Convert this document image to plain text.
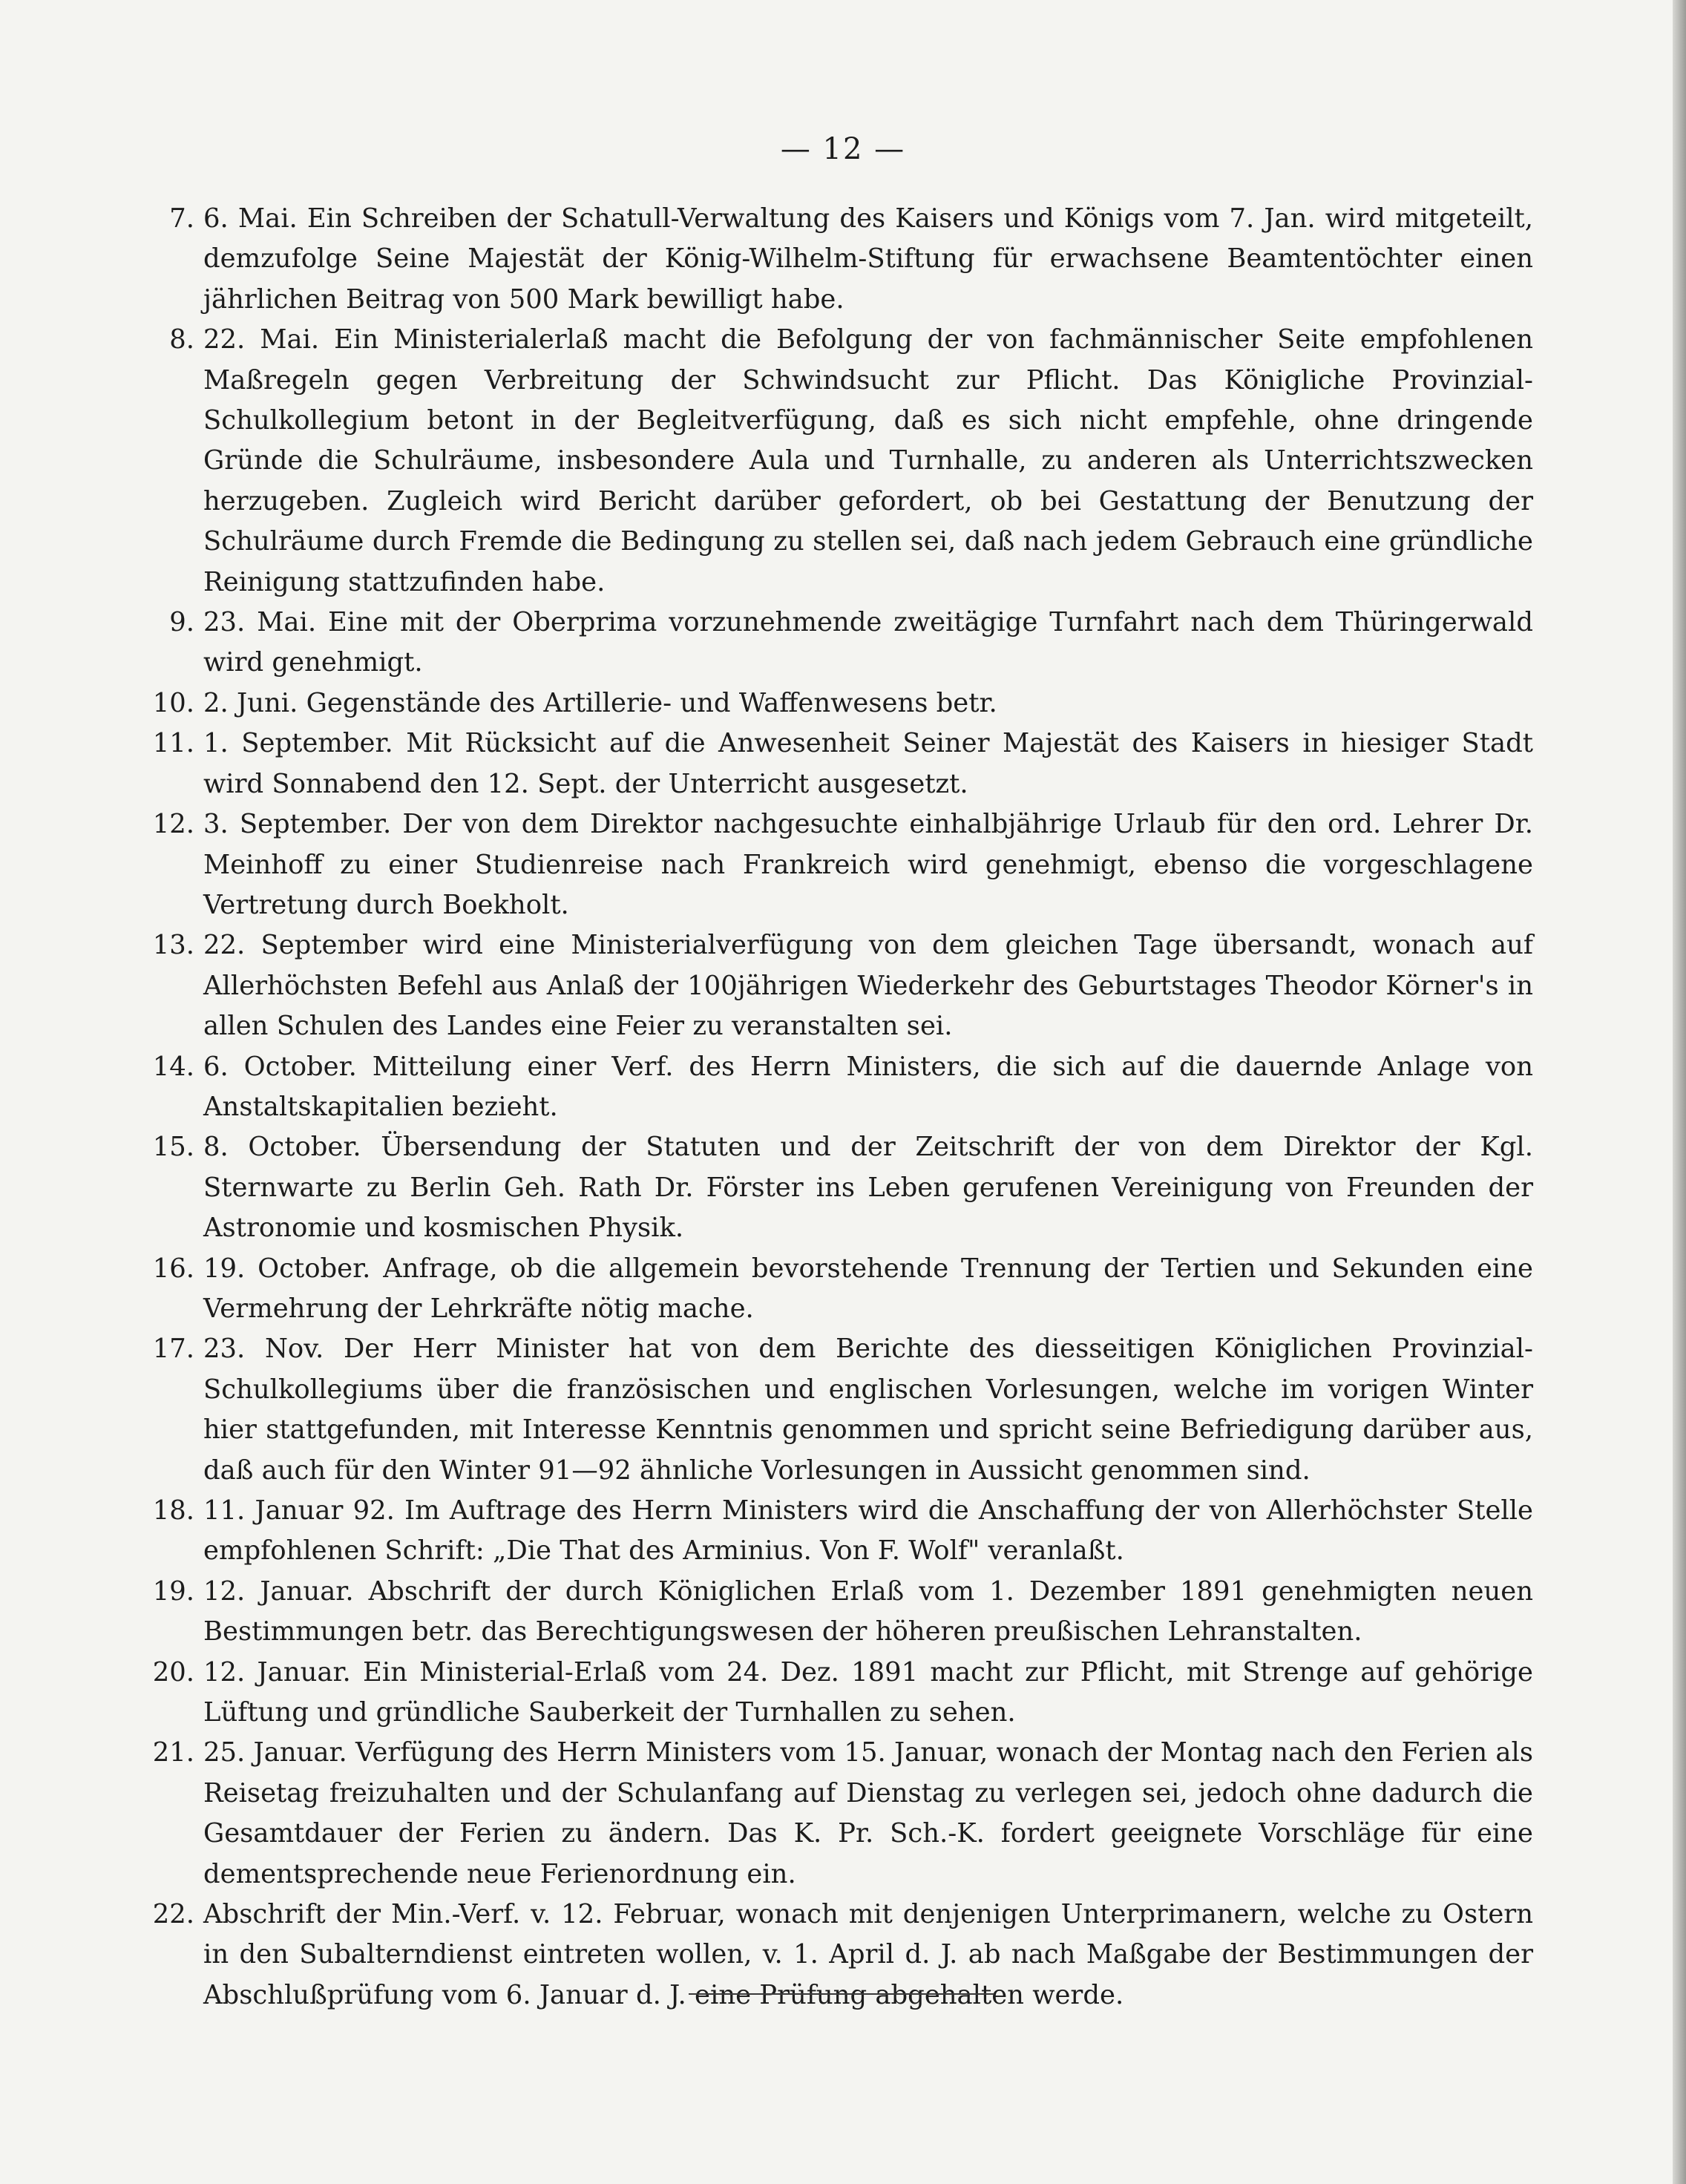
— 12 —
7. 6. Mai. Ein Schreiben der Schatull-Verwaltung des Kaisers und Königs vom 7. Jan. wird mitgeteilt, demzufolge Seine Majestät der König-Wilhelm-Stiftung für erwachsene Beamtentöchter einen jährlichen Beitrag von 500 Mark bewilligt habe.
8. 22. Mai. Ein Ministerialerlaß macht die Befolgung der von fachmännischer Seite empfohlenen Maßregeln gegen Verbreitung der Schwindsucht zur Pflicht. Das Königliche Provinzial-Schulkollegium betont in der Begleitverfügung, daß es sich nicht empfehle, ohne dringende Gründe die Schulräume, insbesondere Aula und Turnhalle, zu anderen als Unterrichtszwecken herzugeben. Zugleich wird Bericht darüber gefordert, ob bei Gestattung der Benutzung der Schulräume durch Fremde die Bedingung zu stellen sei, daß nach jedem Gebrauch eine gründliche Reinigung stattzufinden habe.
9. 23. Mai. Eine mit der Oberprima vorzunehmende zweitägige Turnfahrt nach dem Thüringerwald wird genehmigt.
10. 2. Juni. Gegenstände des Artillerie- und Waffenwesens betr.
11. 1. September. Mit Rücksicht auf die Anwesenheit Seiner Majestät des Kaisers in hiesiger Stadt wird Sonnabend den 12. Sept. der Unterricht ausgesetzt.
12. 3. September. Der von dem Direktor nachgesuchte einhalbjährige Urlaub für den ord. Lehrer Dr. Meinhoff zu einer Studienreise nach Frankreich wird genehmigt, ebenso die vorgeschlagene Vertretung durch Boekholt.
13. 22. September wird eine Ministerialverfügung von dem gleichen Tage übersandt, wonach auf Allerhöchsten Befehl aus Anlaß der 100jährigen Wiederkehr des Geburtstages Theodor Körner's in allen Schulen des Landes eine Feier zu veranstalten sei.
14. 6. October. Mitteilung einer Verf. des Herrn Ministers, die sich auf die dauernde Anlage von Anstaltskapitalien bezieht.
15. 8. October. Übersendung der Statuten und der Zeitschrift der von dem Direktor der Kgl. Sternwarte zu Berlin Geh. Rath Dr. Förster ins Leben gerufenen Vereinigung von Freunden der Astronomie und kosmischen Physik.
16. 19. October. Anfrage, ob die allgemein bevorstehende Trennung der Tertien und Sekunden eine Vermehrung der Lehrkräfte nötig mache.
17. 23. Nov. Der Herr Minister hat von dem Berichte des diesseitigen Königlichen Provinzial-Schulkollegiums über die französischen und englischen Vorlesungen, welche im vorigen Winter hier stattgefunden, mit Interesse Kenntnis genommen und spricht seine Befriedigung darüber aus, daß auch für den Winter 91—92 ähnliche Vorlesungen in Aussicht genommen sind.
18. 11. Januar 92. Im Auftrage des Herrn Ministers wird die Anschaffung der von Allerhöchster Stelle empfohlenen Schrift: „Die That des Arminius. Von F. Wolf" veranlaßt.
19. 12. Januar. Abschrift der durch Königlichen Erlaß vom 1. Dezember 1891 genehmigten neuen Bestimmungen betr. das Berechtigungswesen der höheren preußischen Lehranstalten.
20. 12. Januar. Ein Ministerial-Erlaß vom 24. Dez. 1891 macht zur Pflicht, mit Strenge auf gehörige Lüftung und gründliche Sauberkeit der Turnhallen zu sehen.
21. 25. Januar. Verfügung des Herrn Ministers vom 15. Januar, wonach der Montag nach den Ferien als Reisetag freizuhalten und der Schulanfang auf Dienstag zu verlegen sei, jedoch ohne dadurch die Gesamtdauer der Ferien zu ändern. Das K. Pr. Sch.-K. fordert geeignete Vorschläge für eine dementsprechende neue Ferienordnung ein.
22. Abschrift der Min.-Verf. v. 12. Februar, wonach mit denjenigen Unterprimanern, welche zu Ostern in den Subalterndienst eintreten wollen, v. 1. April d. J. ab nach Maßgabe der Bestimmungen der Abschlußprüfung vom 6. Januar d. J. eine Prüfung abgehalten werde.
